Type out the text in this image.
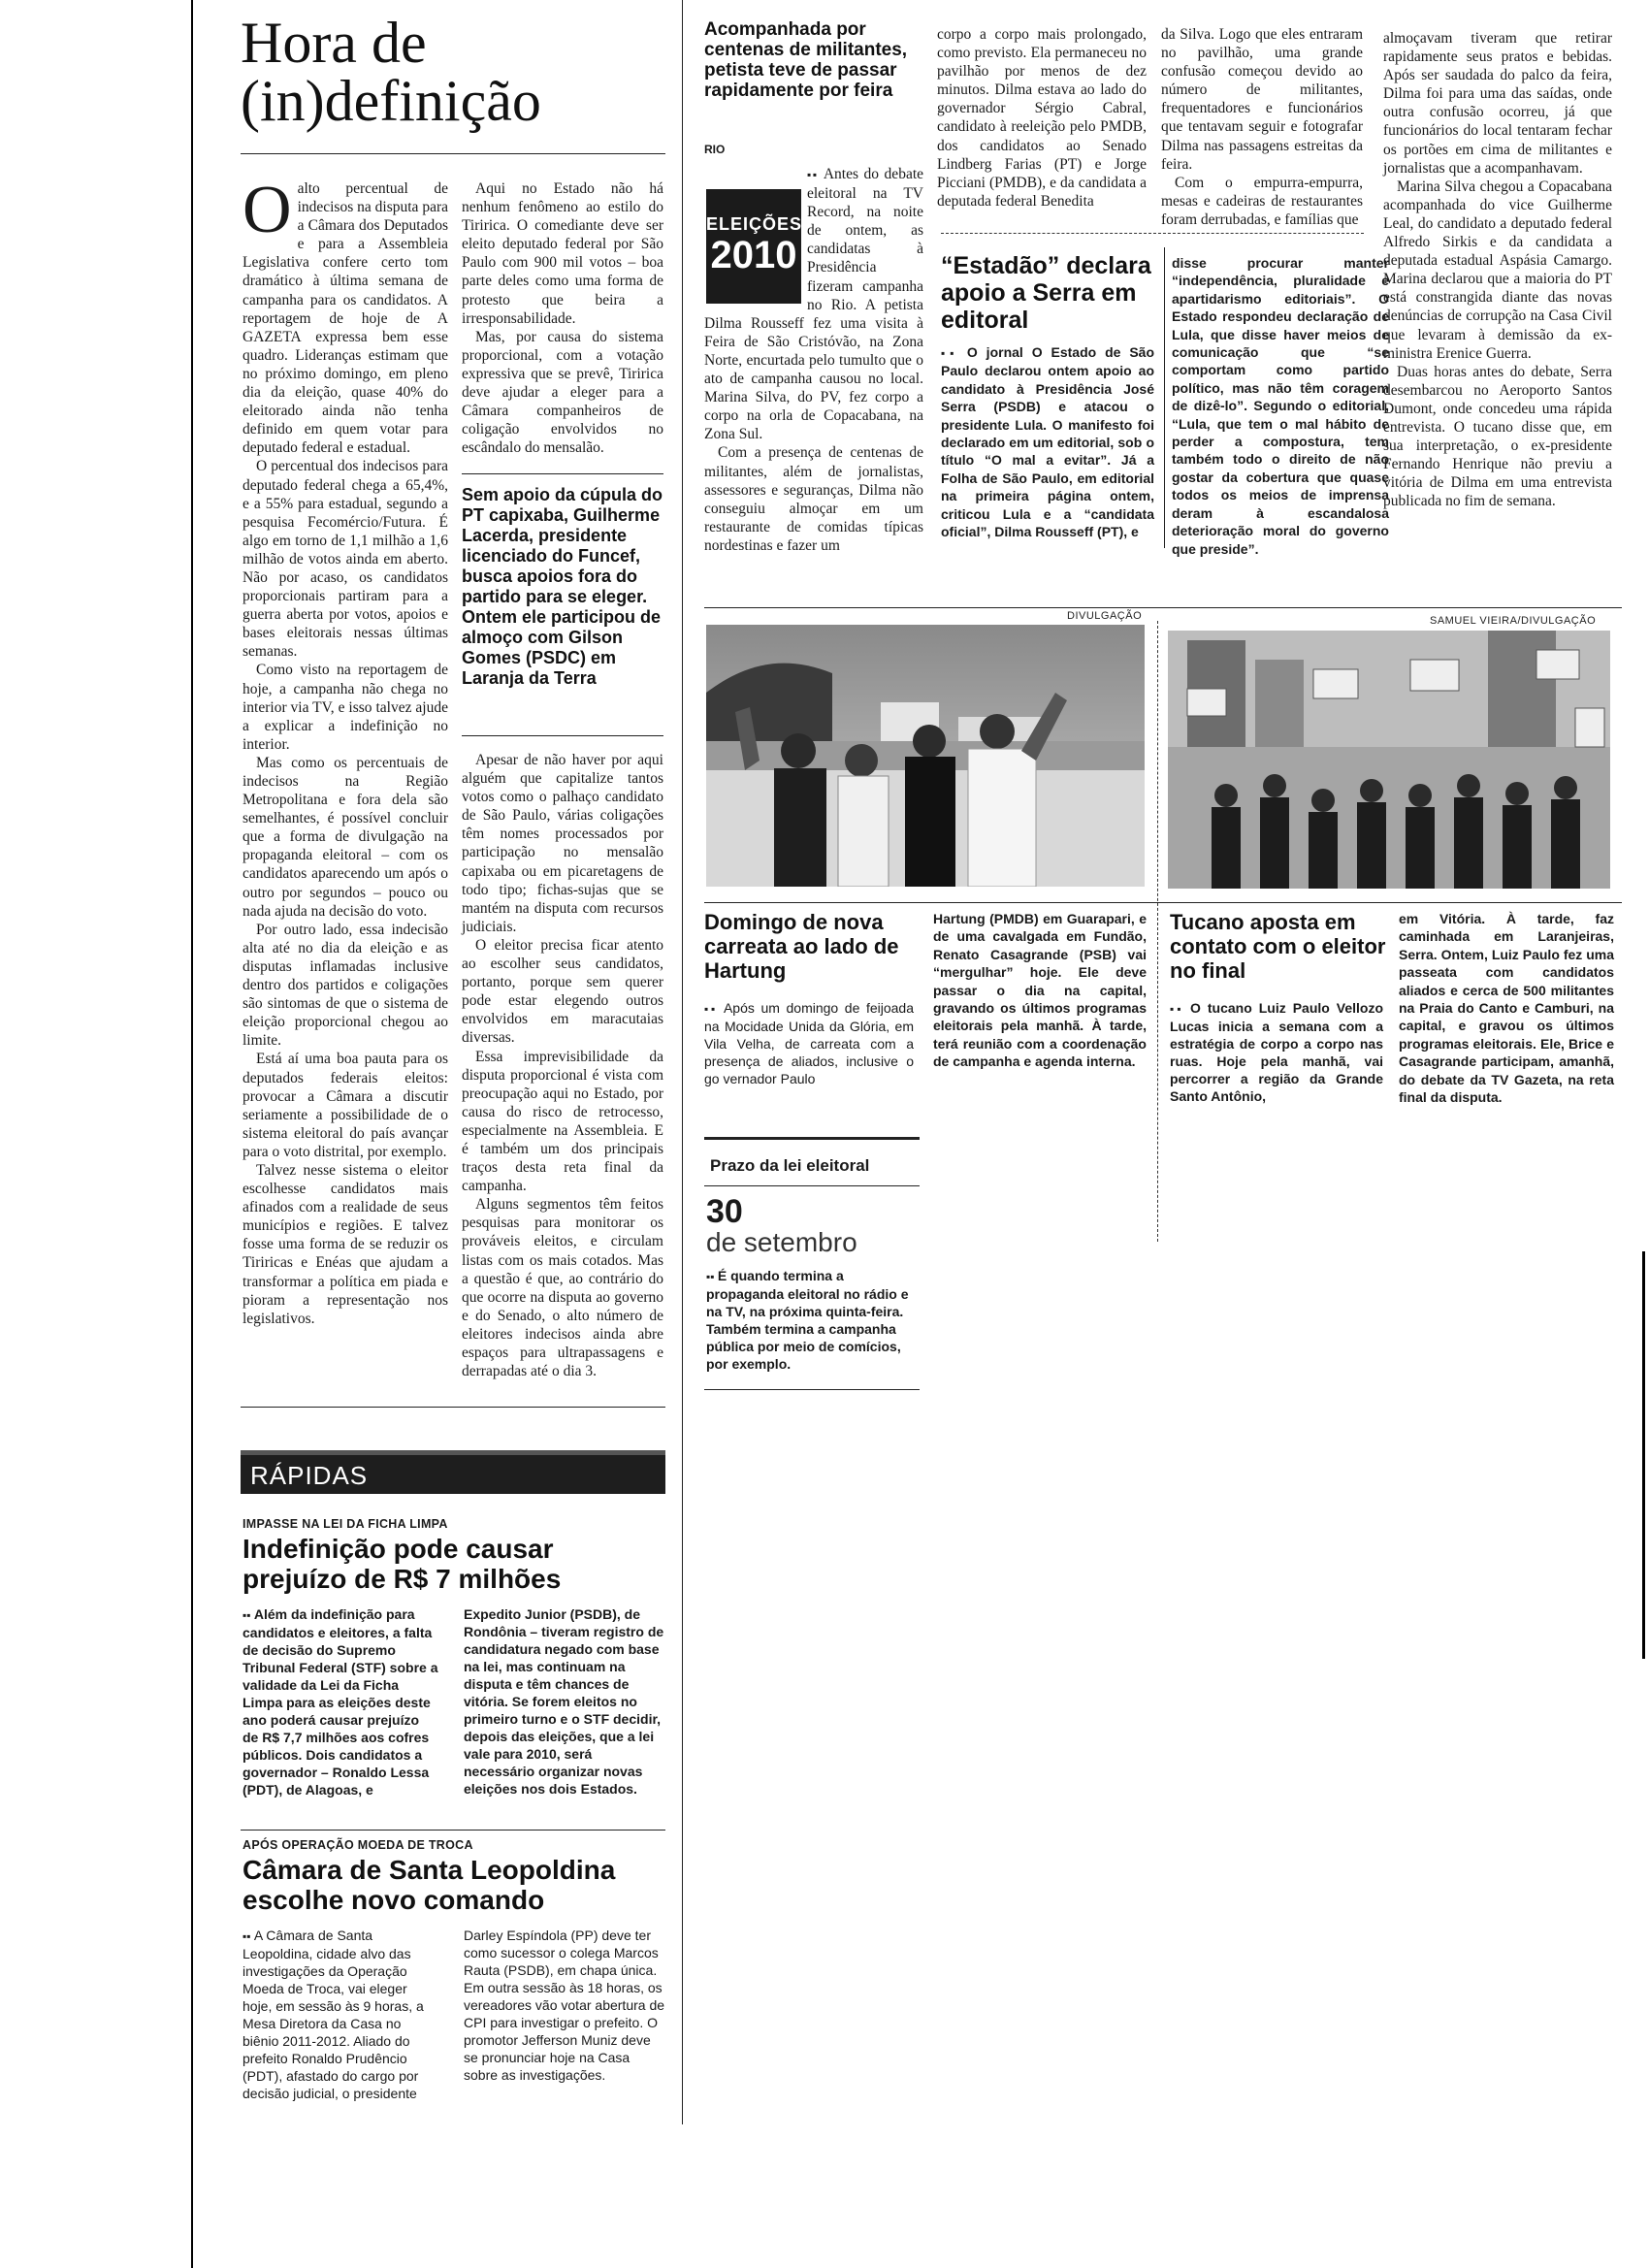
Hora de
(in)definição

Oalto percentual de indecisos na disputa para a Câmara dos Deputados e para a Assembleia Legislativa confere certo tom dramático à última semana de campanha para os candidatos. A reportagem de hoje de A GAZETA expressa bem esse quadro. Lideranças estimam que no próximo domingo, em pleno dia da eleição, quase 40% do eleitorado ainda não tenha definido em quem votar para deputado federal e estadual.

O percentual dos indecisos para deputado federal chega a 65,4%, e a 55% para estadual, segundo a pesquisa Fecomércio/Futura. É algo em torno de 1,1 milhão a 1,6 milhão de votos ainda em aberto. Não por acaso, os candidatos proporcionais partiram para a guerra aberta por votos, apoios e bases eleitorais nessas últimas semanas.

Como visto na reportagem de hoje, a campanha não chega no interior via TV, e isso talvez ajude a explicar a indefinição no interior.

Mas como os percentuais de indecisos na Região Metropolitana e fora dela são semelhantes, é possível concluir que a forma de divulgação na propaganda eleitoral – com os candidatos aparecendo um após o outro por segundos – pouco ou nada ajuda na decisão do voto.

Por outro lado, essa indecisão alta até no dia da eleição e as disputas inflamadas inclusive dentro dos partidos e coligações são sintomas de que o sistema de eleição proporcional chegou ao limite.

Está aí uma boa pauta para os deputados federais eleitos: provocar a Câmara a discutir seriamente a possibilidade de o sistema eleitoral do país avançar para o voto distrital, por exemplo.

Talvez nesse sistema o eleitor escolhesse candidatos mais afinados com a realidade de seus municípios e regiões. E talvez fosse uma forma de se reduzir os Tiriricas e Enéas que ajudam a transformar a política em piada e pioram a representação nos legislativos.

Aqui no Estado não há nenhum fenômeno ao estilo do Tiririca. O comediante deve ser eleito deputado federal por São Paulo com 900 mil votos – boa parte deles como uma forma de protesto que beira a irresponsabilidade.

Mas, por causa do sistema proporcional, com a votação expressiva que se prevê, Tiririca deve ajudar a eleger para a Câmara companheiros de coligação envolvidos no escândalo do mensalão.

Sem apoio da cúpula do PT capixaba, Guilherme Lacerda, presidente licenciado do Funcef, busca apoios fora do partido para se eleger. Ontem ele participou de almoço com Gilson Gomes (PSDC) em Laranja da Terra

Apesar de não haver por aqui alguém que capitalize tantos votos como o palhaço candidato de São Paulo, várias coligações têm nomes processados por participação no mensalão capixaba ou em picaretagens de todo tipo; fichas-sujas que se mantém na disputa com recursos judiciais.

O eleitor precisa ficar atento ao escolher seus candidatos, portanto, porque sem querer pode estar elegendo outros envolvidos em maracutaias diversas.

Essa imprevisibilidade da disputa proporcional é vista com preocupação aqui no Estado, por causa do risco de retrocesso, especialmente na Assembleia. E é também um dos principais traços desta reta final da campanha.

Alguns segmentos têm feitos pesquisas para monitorar os prováveis eleitos, e circulam listas com os mais cotados. Mas a questão é que, ao contrário do que ocorre na disputa ao governo e do Senado, o alto número de eleitores indecisos ainda abre espaços para ultrapassagens e derrapadas até o dia 3.

RÁPIDAS
IMPASSE NA LEI DA FICHA LIMPA
Indefinição pode causar prejuízo de R$ 7 milhões
▪▪ Além da indefinição para candidatos e eleitores, a falta de decisão do Supremo Tribunal Federal (STF) sobre a validade da Lei da Ficha Limpa para as eleições deste ano poderá causar prejuízo de R$ 7,7 milhões aos cofres públicos. Dois candidatos a governador – Ronaldo Lessa (PDT), de Alagoas, e
Expedito Junior (PSDB), de Rondônia – tiveram registro de candidatura negado com base na lei, mas continuam na disputa e têm chances de vitória. Se forem eleitos no primeiro turno e o STF decidir, depois das eleições, que a lei vale para 2010, será necessário organizar novas eleições nos dois Estados.
APÓS OPERAÇÃO MOEDA DE TROCA
Câmara de Santa Leopoldina escolhe novo comando
▪▪ A Câmara de Santa Leopoldina, cidade alvo das investigações da Operação Moeda de Troca, vai eleger hoje, em sessão às 9 horas, a Mesa Diretora da Casa no biênio 2011-2012. Aliado do prefeito Ronaldo Prudêncio (PDT), afastado do cargo por decisão judicial, o presidente
Darley Espíndola (PP) deve ter como sucessor o colega Marcos Rauta (PSDB), em chapa única. Em outra sessão às 18 horas, os vereadores vão votar abertura de CPI para investigar o prefeito. O promotor Jefferson Muniz deve se pronunciar hoje na Casa sobre as investigações.
Acompanhada por centenas de militantes, petista teve de passar rapidamente por feira
RIO
ELEIÇÕES
2010

▪▪ Antes do debate eleitoral na TV Record, na noite de ontem, as candidatas à Presidência fizeram campanha no Rio. A petista Dilma Rousseff fez uma visita à Feira de São Cristóvão, na Zona Norte, encurtada pelo tumulto que o ato de campanha causou no local. Marina Silva, do PV, fez corpo a corpo na orla de Copacabana, na Zona Sul.

Com a presença de centenas de militantes, além de jornalistas, assessores e seguranças, Dilma não conseguiu almoçar em um restaurante de comidas típicas nordestinas e fazer um

corpo a corpo mais prolongado, como previsto. Ela permaneceu no pavilhão por menos de dez minutos. Dilma estava ao lado do governador Sérgio Cabral, candidato à reeleição pelo PMDB, dos candidatos ao Senado Lindberg Farias (PT) e Jorge Picciani (PMDB), e da candidata a deputada federal Benedita

da Silva. Logo que eles entraram no pavilhão, uma grande confusão começou devido ao número de militantes, frequentadores e funcionários que tentavam seguir e fotografar Dilma nas passagens estreitas da feira.

Com o empurra-empurra, mesas e cadeiras de restaurantes foram derrubadas, e famílias que

almoçavam tiveram que retirar rapidamente seus pratos e bebidas. Após ser saudada do palco da feira, Dilma foi para uma das saídas, onde outra confusão ocorreu, já que funcionários do local tentaram fechar os portões em cima de militantes e jornalistas que a acompanhavam.

Marina Silva chegou a Copacabana acompanhada do vice Guilherme Leal, do candidato a deputado federal Alfredo Sirkis e da candidata a deputada estadual Aspásia Camargo. Marina declarou que a maioria do PT está constrangida diante das novas denúncias de corrupção na Casa Civil que levaram à demissão da ex-ministra Erenice Guerra.

Duas horas antes do debate, Serra desembarcou no Aeroporto Santos Dumont, onde concedeu uma rápida entrevista. O tucano disse que, em sua interpretação, o ex-presidente Fernando Henrique não previu a vitória de Dilma em uma entrevista publicada no fim de semana.

“Estadão” declara apoio a Serra em editoral
▪▪ O jornal O Estado de São Paulo declarou ontem apoio ao candidato à Presidência José Serra (PSDB) e atacou o presidente Lula. O manifesto foi declarado em um editorial, sob o título “O mal a evitar”. Já a Folha de São Paulo, em editorial na primeira página ontem, criticou Lula e a “candidata oficial”, Dilma Rousseff (PT), e
disse procurar manter “independência, pluralidade e apartidarismo editoriais”. O Estado respondeu declaração de Lula, que disse haver meios de comunicação que “se comportam como partido político, mas não têm coragem de dizê-lo”. Segundo o editorial, “Lula, que tem o mal hábito de perder a compostura, tem também todo o direito de não gostar da cobertura que quase todos os meios de imprensa deram à escandalosa deterioração moral do governo que preside”.
DIVULGAÇÃO	SAMUEL VIEIRA/DIVULGAÇÃO
Domingo de nova carreata ao lado de Hartung
▪▪ Após um domingo de feijoada na Mocidade Unida da Glória, em Vila Velha, de carreata com a presença de aliados, inclusive o go vernador Paulo
Hartung (PMDB) em Guarapari, e de uma cavalgada em Fundão, Renato Casagrande (PSB) vai “mergulhar” hoje. Ele deve passar o dia na capital, gravando os últimos programas eleitorais pela manhã. À tarde, terá reunião com a coordenação de campanha e agenda interna.
Tucano aposta em contato com o eleitor no final
▪▪ O tucano Luiz Paulo Vellozo Lucas inicia a semana com a estratégia de corpo a corpo nas ruas. Hoje pela manhã, vai percorrer a região da Grande Santo Antônio,
em Vitória. À tarde, faz caminhada em Laranjeiras, Serra. Ontem, Luiz Paulo fez uma passeata com candidatos aliados e cerca de 500 militantes na Praia do Canto e Camburi, na capital, e gravou os últimos programas eleitorais. Ele, Brice e Casagrande participam, amanhã, do debate da TV Gazeta, na reta final da disputa.
Prazo da lei eleitoral
30
de setembro
▪▪ É quando termina a propaganda eleitoral no rádio e na TV, na próxima quinta-feira. Também termina a campanha pública por meio de comícios, por exemplo.
